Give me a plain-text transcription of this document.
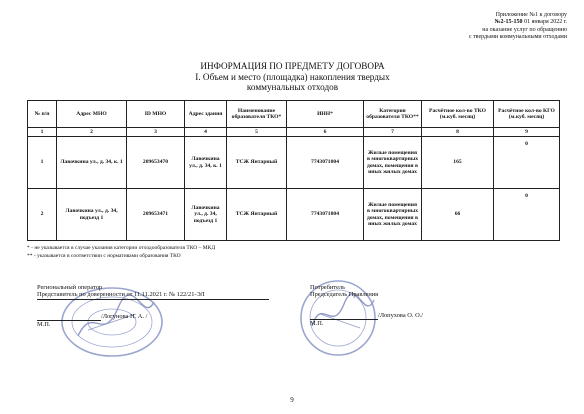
Приложение №1 к договору
№2-15-150 01 января 2022 г.
на оказание услуг по обращению
с твердыми коммунальными отходами
ИНФОРМАЦИЯ ПО ПРЕДМЕТУ ДОГОВОРА
I. Объем и место (площадка) накопления твердых
коммунальных отходов
№ п/п	Адрес МНО	ID МНО	Адрес здания	Наименование образователя ТКО*	ИНН*	Категория образователя ТКО**	Расчётное кол-во ТКО (м.куб. месяц)	Расчётное кол-во КГО (м.куб. месяц)
1	2	3	4	5	6	7	8	9
1	Лавочкина ул., д. 34, к. 1	209653470	Лавочкина ул., д. 34, к. 1	ТСЖ Янтарный	7743071004	Жилые помещения в многоквартирных домах, помещения в иных жилых домах	165	0
2	Лавочкина ул., д. 34, подъезд 1	209653471	Лавочкина ул., д. 34, подъезд 1	ТСЖ Янтарный	7743071004	Жилые помещения в многоквартирных домах, помещения в иных жилых домах	66	0
* - не указывается в случае указания категории отходообразователя ТКО – МКД
** - указывается в соответствии с нормативами образования ТКО
Региональный оператор
Представитель по доверенности от 11.11.2021 г. № 122/21-ЭЛ
/Логунова Н. А. /
М.П.
Потребитель
Председатель Правления
/Лопухова О. О./
М.П.
9
